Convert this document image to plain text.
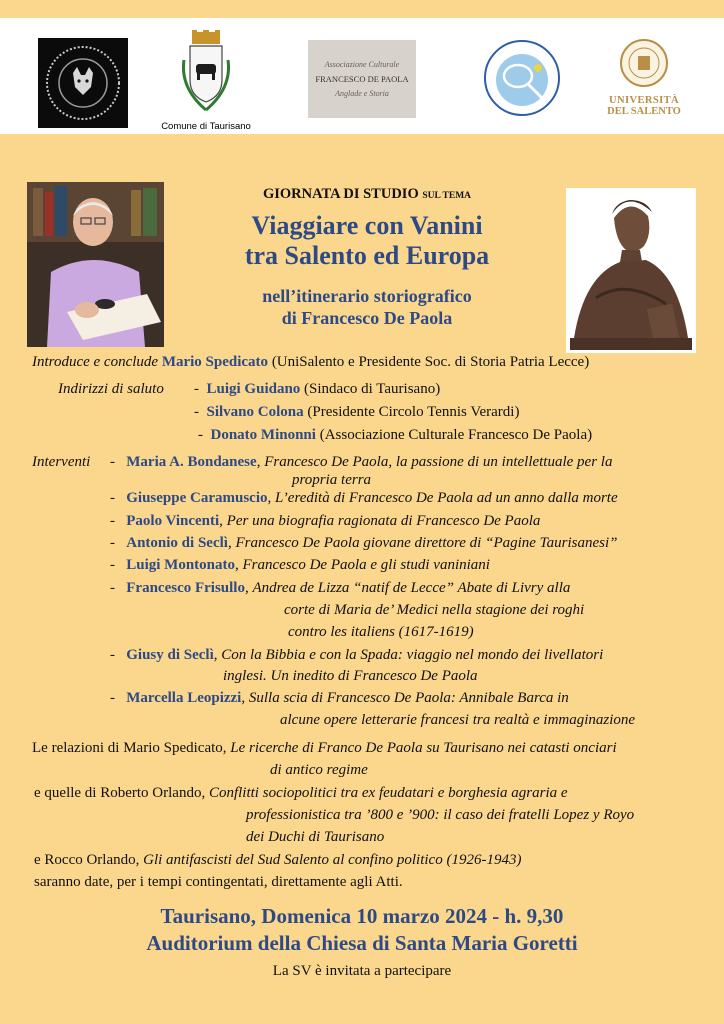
Comune di Taurisano
Associazione Culturale
FRANCESCO DE PAOLA
Anglade e Storia
UNIVERSITÀ
DEL SALENTO
GIORNATA DI STUDIO SUL TEMA
Viaggiare con Vanini
tra Salento ed Europa
nell’itinerario storiografico
di Francesco De Paola
Introduce e conclude Mario Spedicato (UniSalento e Presidente Soc. di Storia Patria Lecce)
Indirizzi di saluto -  Luigi Guidano (Sindaco di Taurisano)
-  Silvano Colona (Presidente Circolo Tennis Verardi)
-  Donato Minonni (Associazione Culturale Francesco De Paola)
Interventi -   Maria A. Bondanese, Francesco De Paola, la passione di un intellettuale per la
propria terra
-   Giuseppe Caramuscio, L’eredità di Francesco De Paola ad un anno dalla morte
-   Paolo Vincenti, Per una biografia ragionata di Francesco De Paola
-   Antonio di Seclì, Francesco De Paola giovane direttore di “Pagine Taurisanesi”
-   Luigi Montonato, Francesco De Paola e gli studi vaniniani
-   Francesco Frisullo, Andrea de Lizza “natif de Lecce” Abate di Livry alla
corte di Maria de’ Medici nella stagione dei roghi
contro les italiens (1617-1619)
-   Giusy di Seclì, Con la Bibbia e con la Spada: viaggio nel mondo dei livellatori
inglesi. Un inedito di Francesco De Paola
-   Marcella Leopizzi, Sulla scia di Francesco De Paola: Annibale Barca in
alcune opere letterarie francesi tra realtà e immaginazione
Le relazioni di Mario Spedicato, Le ricerche di Franco De Paola su Taurisano nei catasti onciari
di antico regime
e quelle di Roberto Orlando, Conflitti sociopolitici tra ex feudatari e borghesia agraria e
professionistica tra ’800 e ’900: il caso dei fratelli Lopez y Royo
dei Duchi di Taurisano
e Rocco Orlando, Gli antifascisti del Sud Salento al confino politico (1926-1943)
saranno date, per i tempi contingentati, direttamente agli Atti.
Taurisano, Domenica 10 marzo 2024 - h. 9,30
Auditorium della Chiesa di Santa Maria Goretti
La SV è invitata a partecipare
